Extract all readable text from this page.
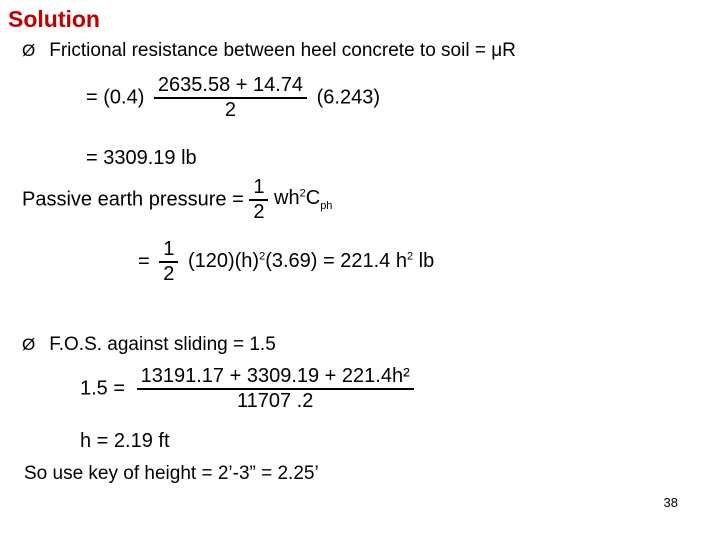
Solution
Ø Frictional resistance between heel concrete to soil = μR
= $(0.4) \frac{2635.58 + 14.74}{2} (6.243)$
= 3309.19 lb
Passive earth pressure = $\frac{1}{2} wh^2C_{ph}$
= $\frac{1}{2} (120)(h)^2(3.69) = 221.4$ $h^2$ lb
Ø F.O.S. against sliding = 1.5
$1.5 = \frac{\text{13191.17 + 3309.19 + 221.4h²}}{11707 .2}$
h = 2.19 ft
So use key of height = 2’-3” = 2.25’
38
